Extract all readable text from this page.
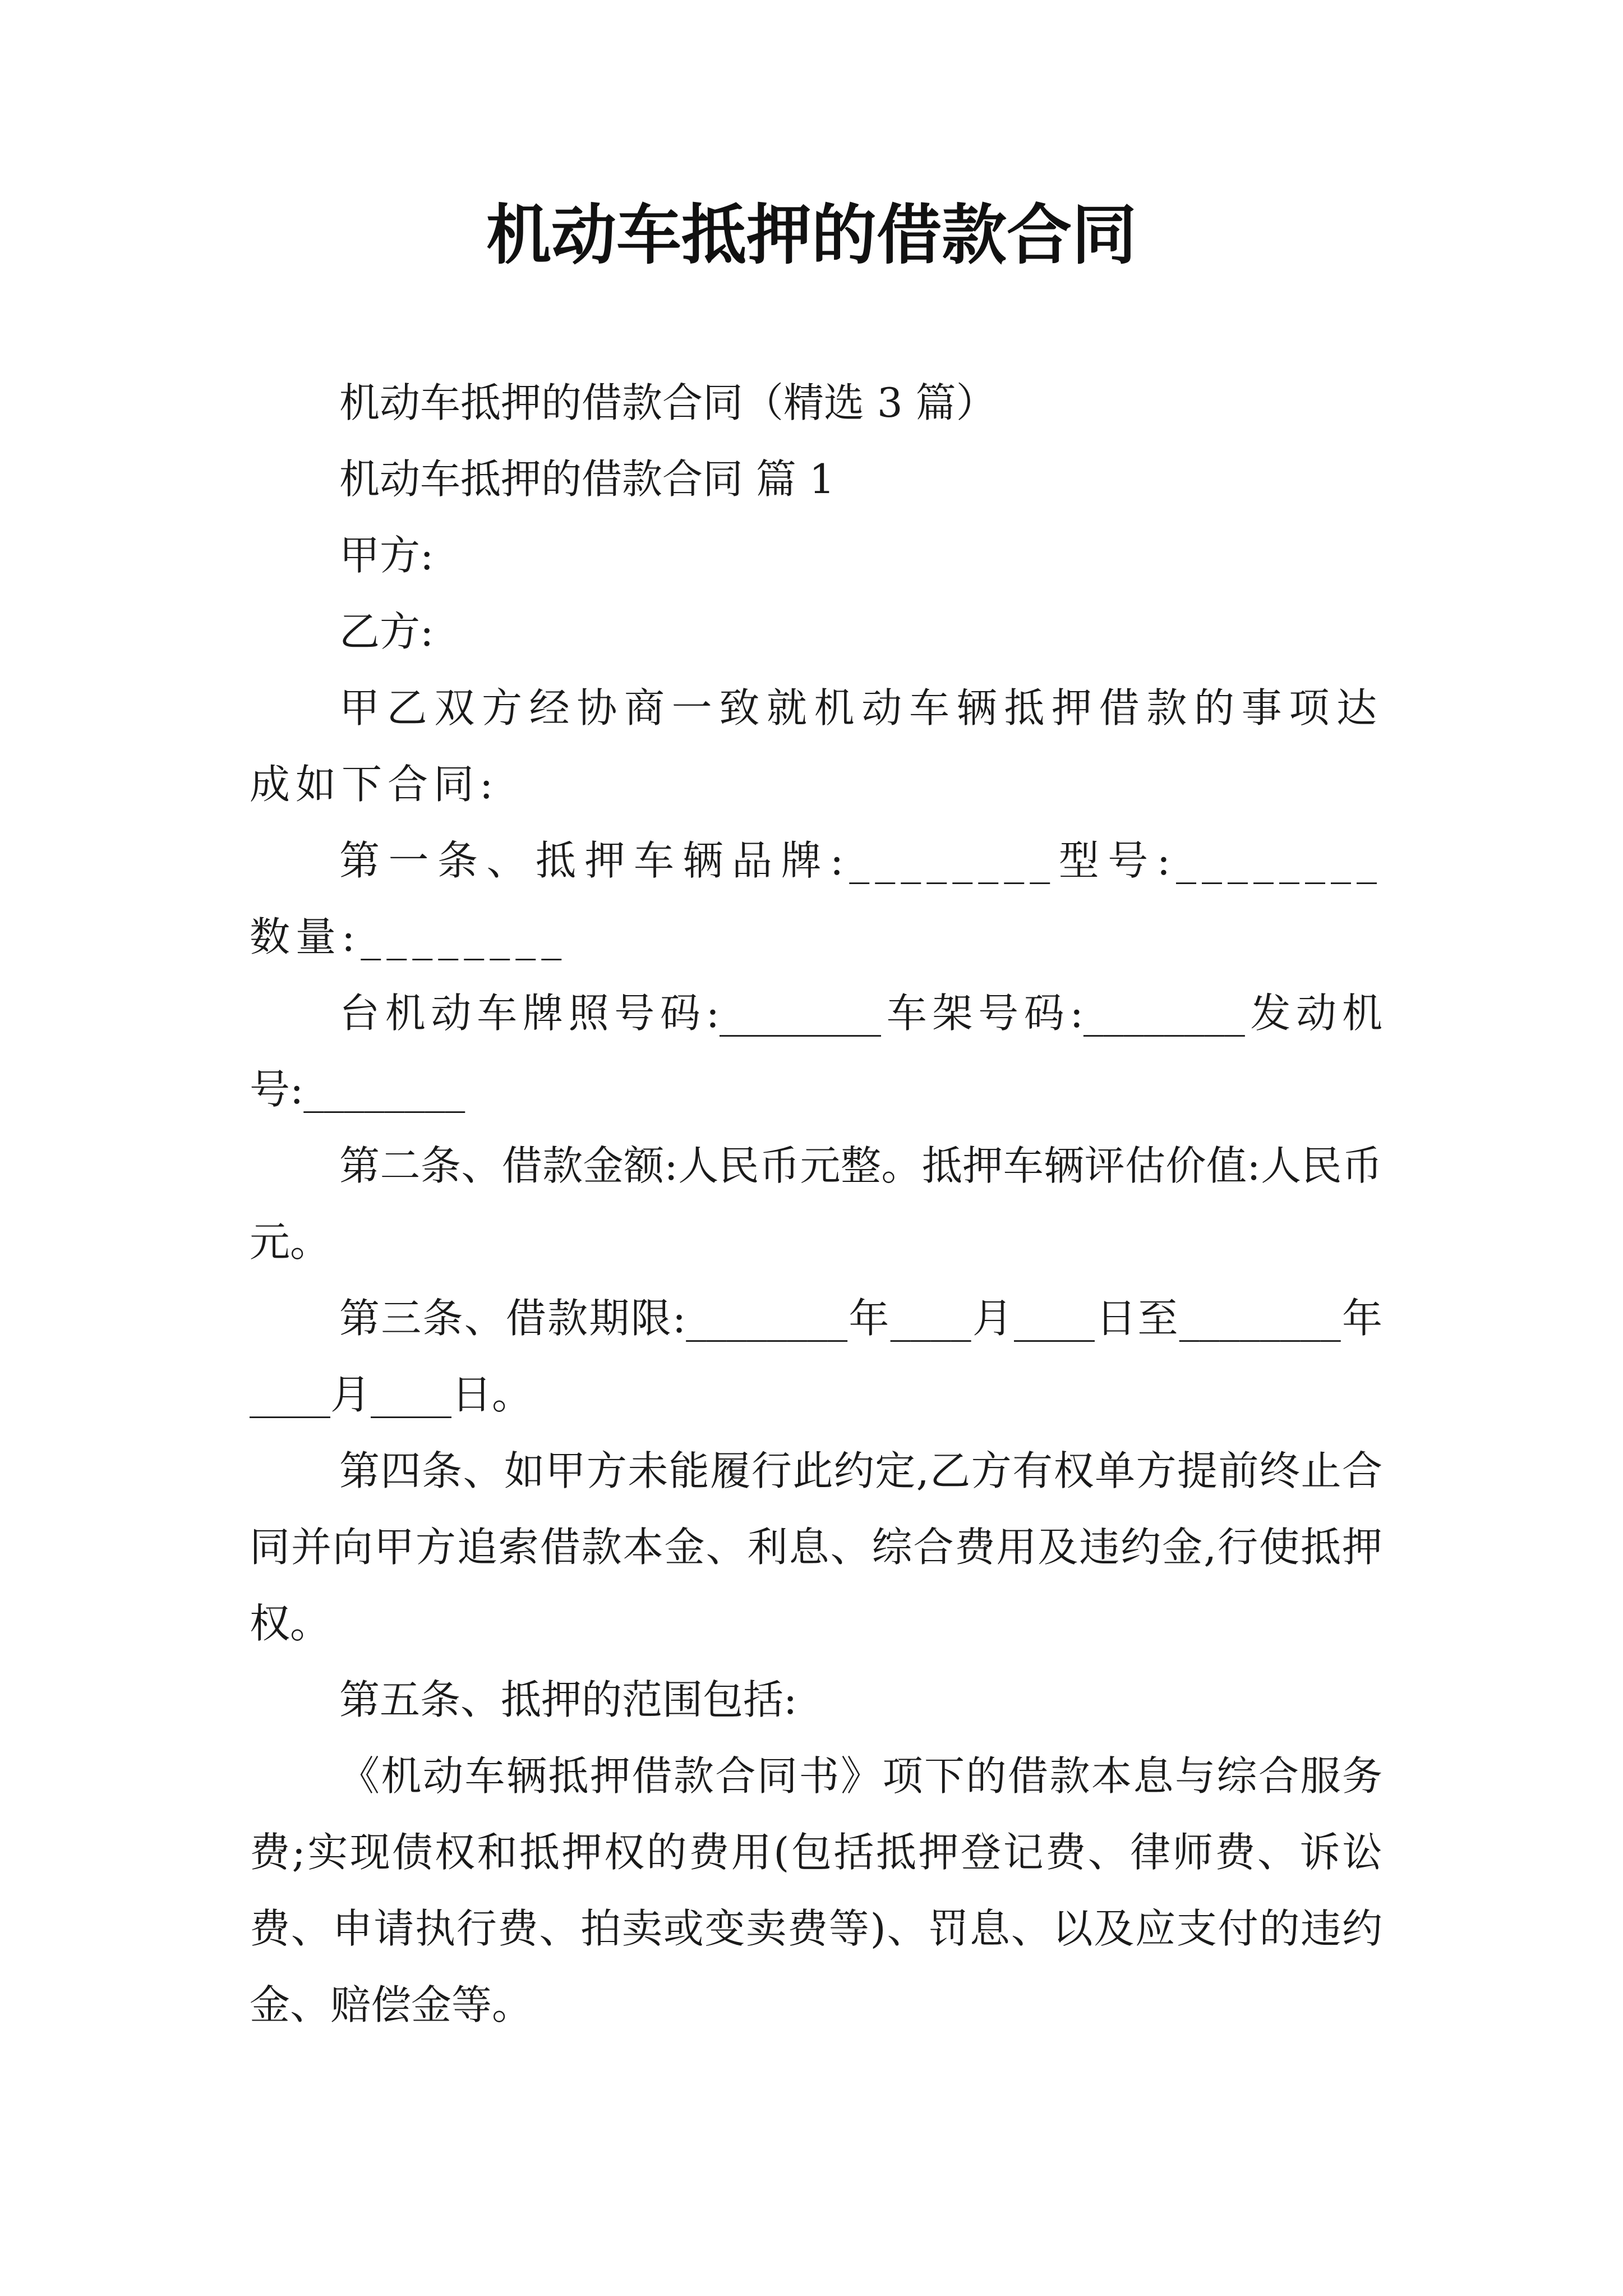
机动车抵押的借款合同

机动车抵押的借款合同（精选 3 篇）

机动车抵押的借款合同 篇 1

甲方:

乙方:

甲乙双方经协商一致就机动车辆抵押借款的事项达成如下合同:

第一条、抵押车辆品牌:________型号:________数量:________

台机动车牌照号码:________车架号码:________发动机号:________

第二条、借款金额:人民币元整。抵押车辆评估价值:人民币元。

第三条、借款期限:________年____月____日至________年____月____日。

第四条、如甲方未能履行此约定,乙方有权单方提前终止合同并向甲方追索借款本金、利息、综合费用及违约金,行使抵押权。

第五条、抵押的范围包括:

《机动车辆抵押借款合同书》项下的借款本息与综合服务费;实现债权和抵押权的费用(包括抵押登记费、律师费、诉讼费、申请执行费、拍卖或变卖费等)、罚息、以及应支付的违约金、赔偿金等。
